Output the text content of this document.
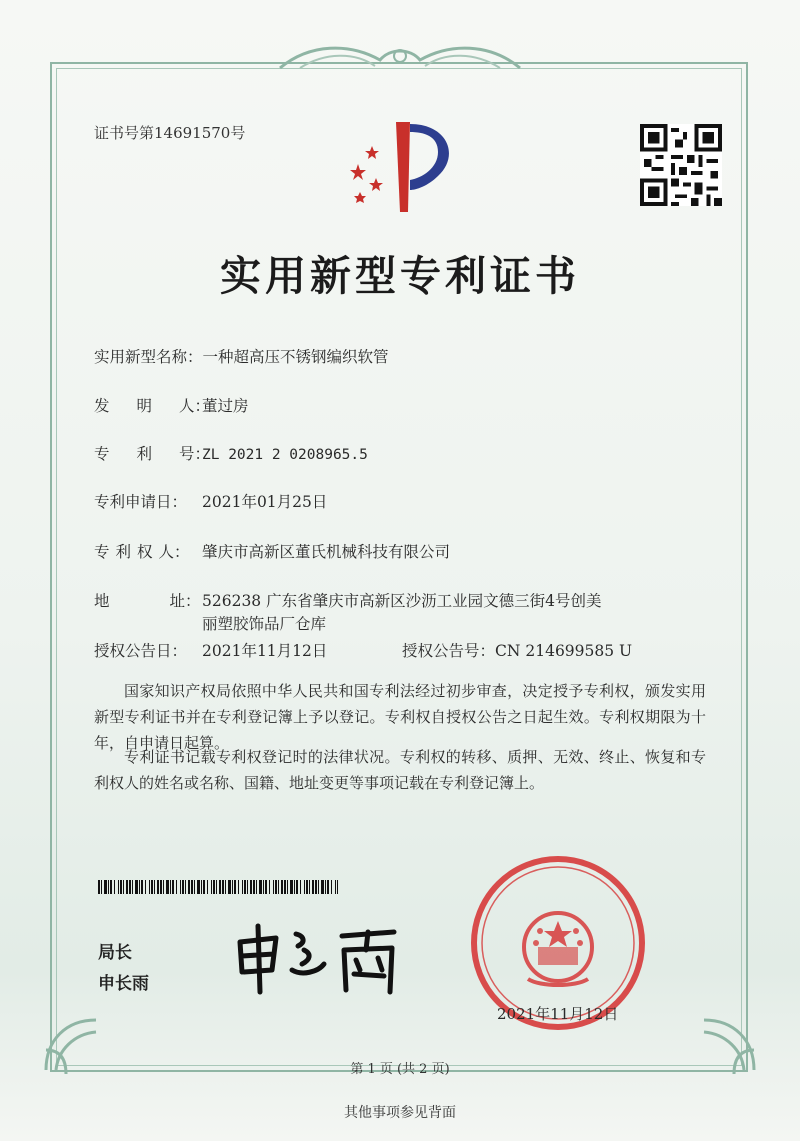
证书号第14691570号
实用新型专利证书
实用新型名称：一种超高压不锈钢编织软管
发 明 人：董过房
专 利 号：ZL 2021 2 0208965.5
专利申请日： 2021年01月25日
专 利 权 人： 肇庆市高新区董氏机械科技有限公司
地	址：526238 广东省肇庆市高新区沙沥工业园文德三街4号创美
丽塑胶饰品厂仓库
授权公告日： 2021年11月12日	授权公告号：CN 214699585 U
国家知识产权局依照中华人民共和国专利法经过初步审查，决定授予专利权，颁发实用新型专利证书并在专利登记簿上予以登记。专利权自授权公告之日起生效。专利权期限为十年，自申请日起算。
专利证书记载专利权登记时的法律状况。专利权的转移、质押、无效、终止、恢复和专利权人的姓名或名称、国籍、地址变更等事项记载在专利登记簿上。
局长
申长雨
2021年11月12日
第 1 页 (共 2 页)
其他事项参见背面
